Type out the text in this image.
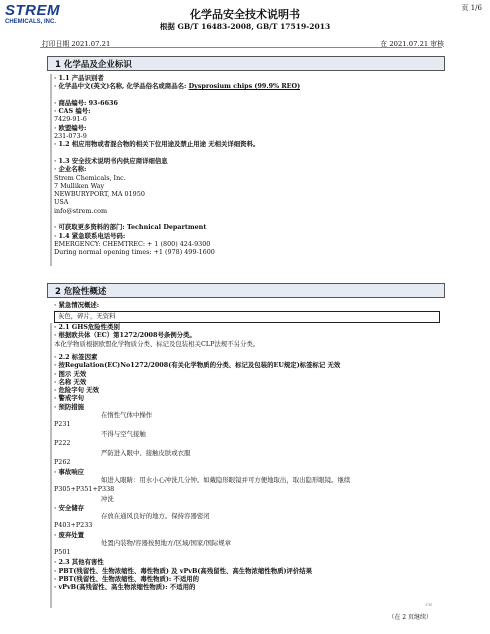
STREM
CHEMICALS, INC.
化学品安全技术说明书
根据 GB/T 16483-2008, GB/T 17519-2013
页 1/6
打印日期 2021.07.21	在 2021.07.21 审核
1 化学品及企业标识
· 1.1 产品识别者
· 化学品中文(英文)名称, 化学品俗名或商品名: Dysprosium chips (99.9% REO)

· 商品编号: 93-6636
· CAS 编号:
7429-91-6
· 欧盟编号:
231-073-9
· 1.2 相应用物或者混合物的相关下位用途及禁止用途 无相关详细资料。

· 1.3 安全技术说明书内供应商详细信息
· 企业名称:
Strem Chemicals, Inc.
7 Mulliken Way
NEWBURYPORT, MA 01950
USA
info@strem.com

· 可获取更多资料的部门: Technical Department
· 1.4 紧急联系电话号码:
EMERGENCY: CHEMTREC: + 1 (800) 424-9300
During normal opening times: +1 (978) 499-1600
2 危险性概述
· 紧急情况概述:
灰色，碎片，无资料
· 2.1 GHS危险性类别
· 根据欧共体（EC）第1272/2008号条例分类。
本化学物质根据欧盟化学物质分类、标记及包装相关CLP法规不另分类。
· 2.2 标签因素
· 按Regulation(EC)No1272/2008(有关化学物质的分类、标记及包装的EU规定)标签标记 无效
· 图示 无效
· 名称 无效
· 危险字句 无效
· 警戒字句
· 预防措施
P231
在惰性气体中操作
P222
不得与空气接触
P262
严防进入眼中、接触皮肤或衣服
· 事故响应
P305+P351+P338
如进入眼睛：用水小心冲洗几分钟。如戴隐形眼镜并可方便地取出，取出隐形眼镜。继续
冲洗
· 安全储存
P403+P233
存放在通风良好的地方。保持容器密闭
· 废弃处置
P501
处置内装物/容器按照地方/区域/国家/国际规章
· 2.3 其他有害性
· PBT(残留性、生物浓缩性、毒性物质) 及 vPvB(高残留性、高生物浓缩性物质)评价结果
· PBT(残留性、生物浓缩性、毒性物质): 不适用的
· vPvB(高残留性、高生物浓缩性物质): 不适用的
CN
（在 2 页继续）
